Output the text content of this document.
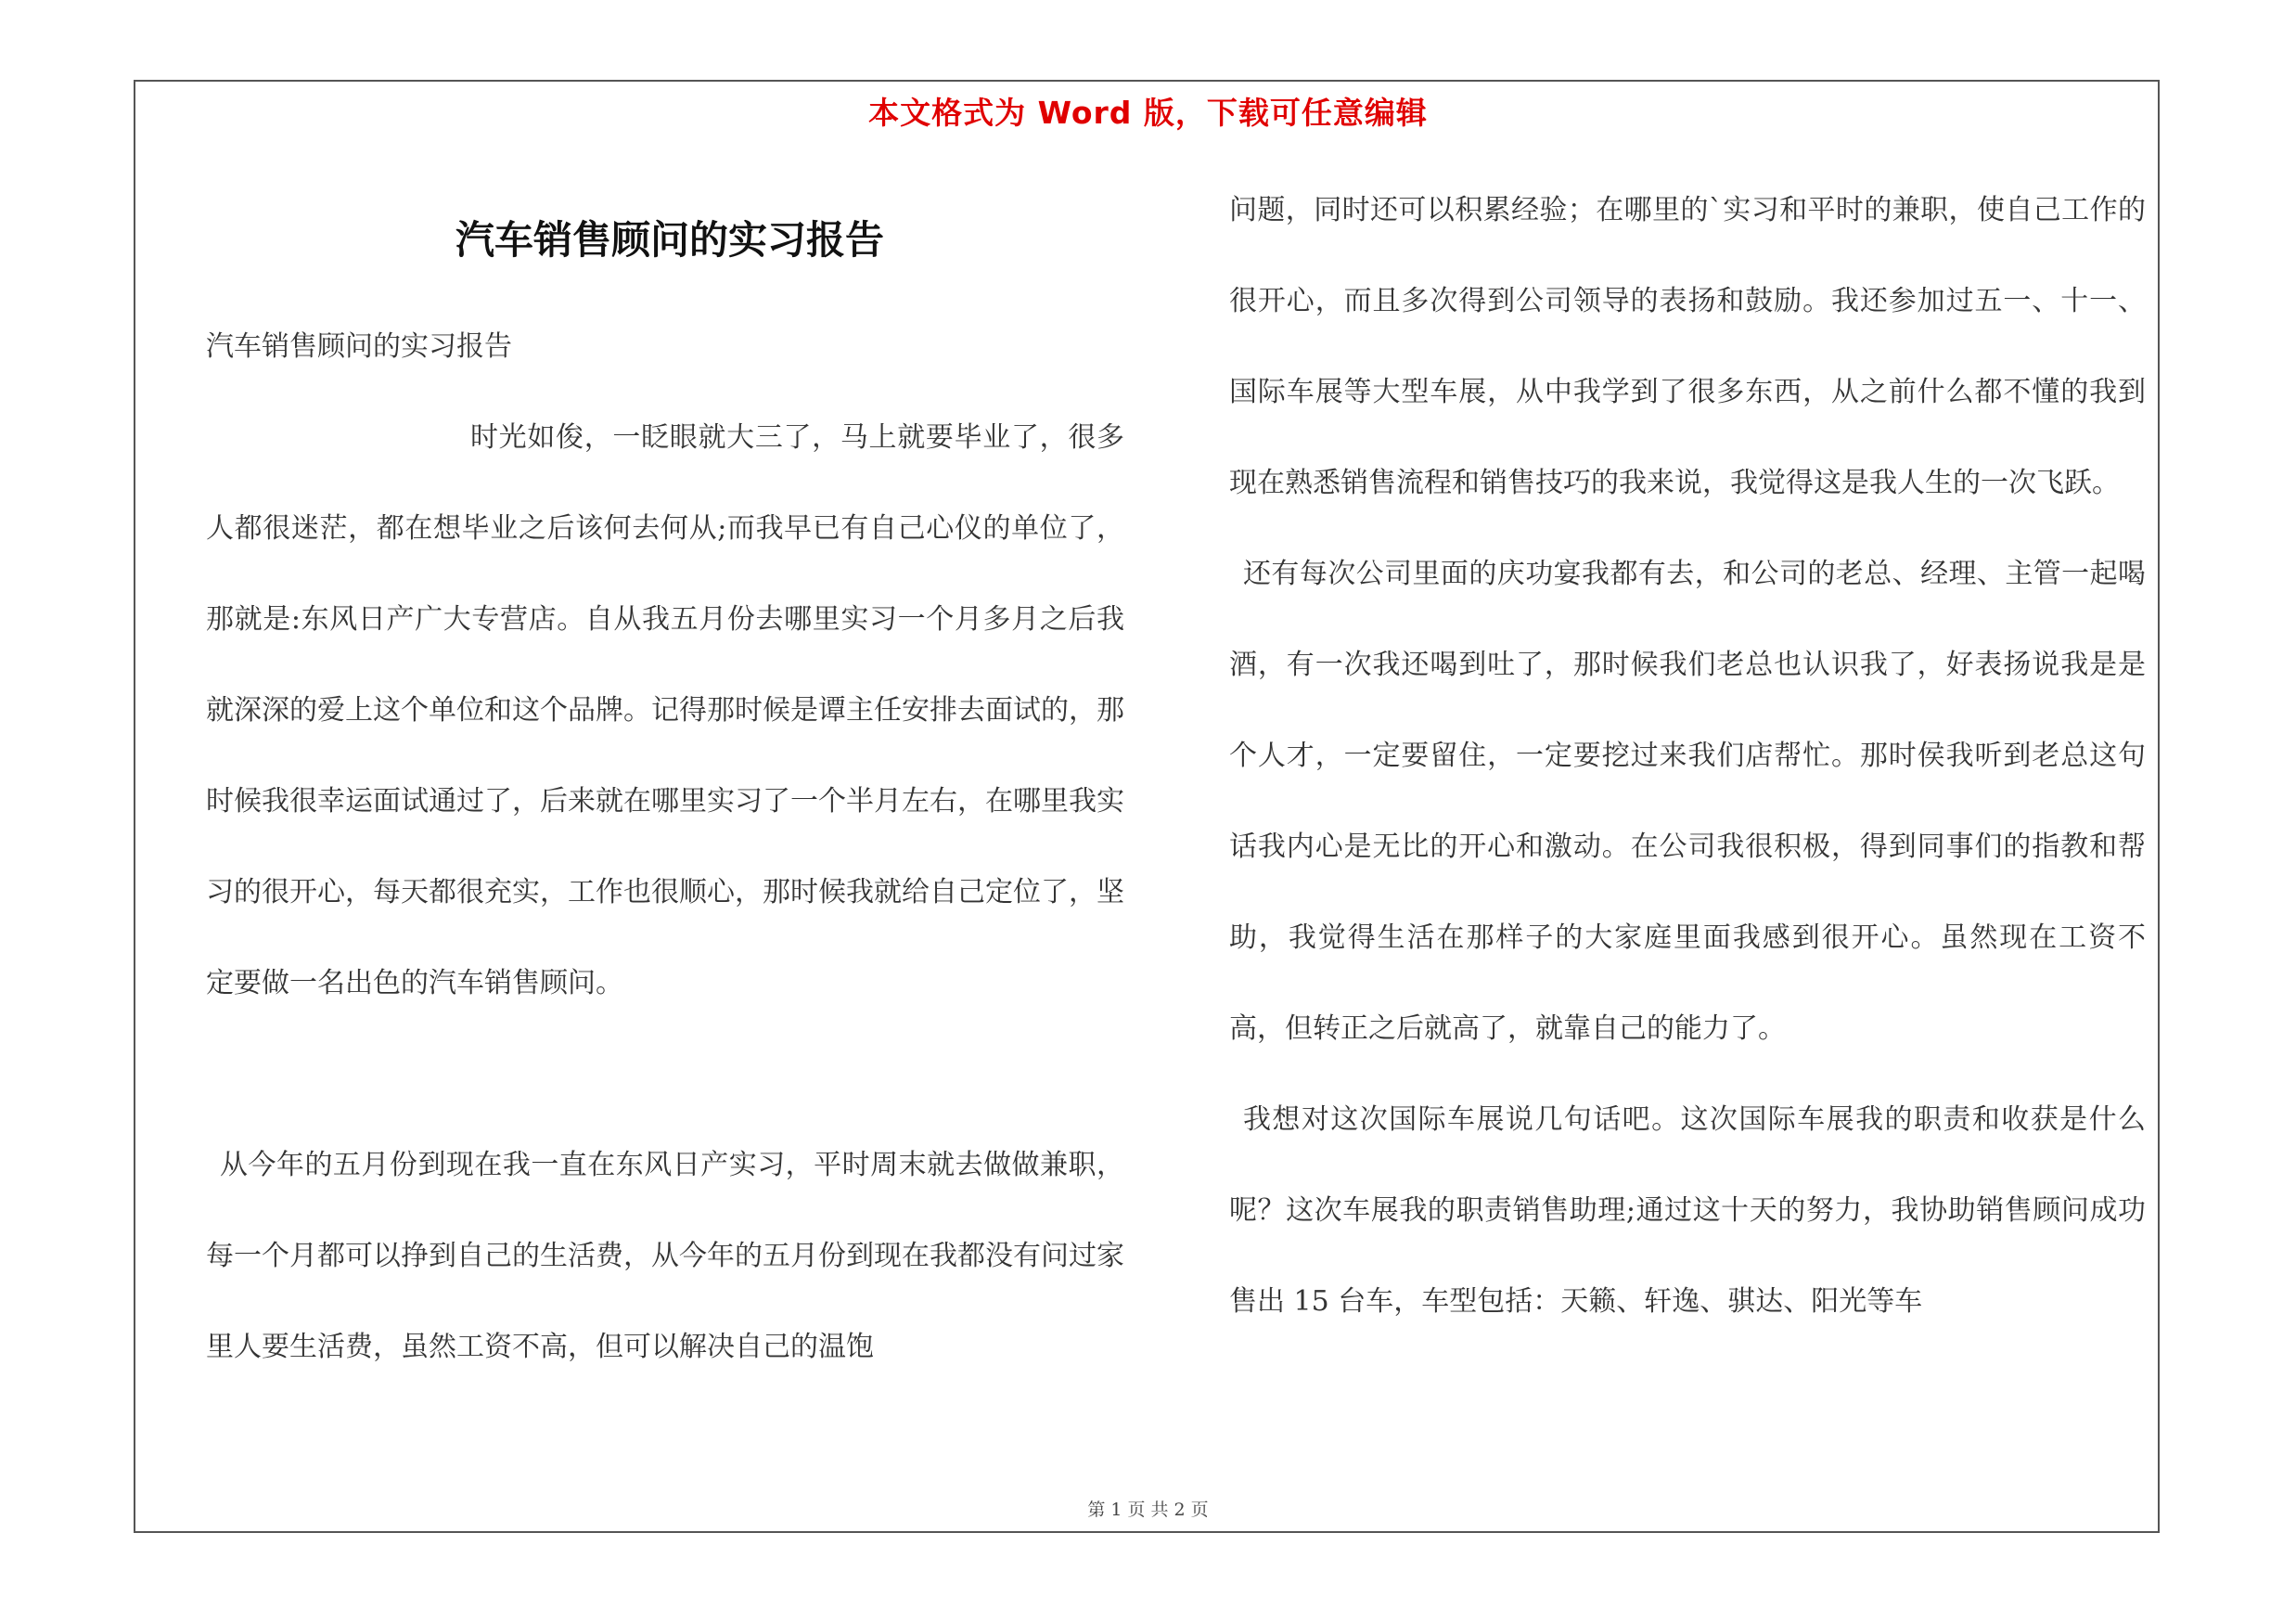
本文格式为 Word 版，下载可任意编辑
汽车销售顾问的实习报告

汽车销售顾问的实习报告

时光如俊，一眨眼就大三了，马上就要毕业了，很多人都很迷茫，都在想毕业之后该何去何从;而我早已有自己心仪的单位了，那就是:东风日产广大专营店。自从我五月份去哪里实习一个月多月之后我就深深的爱上这个单位和这个品牌。记得那时候是谭主任安排去面试的，那时候我很幸运面试通过了，后来就在哪里实习了一个半月左右，在哪里我实习的很开心，每天都很充实，工作也很顺心，那时候我就给自己定位了，坚定要做一名出色的汽车销售顾问。

从今年的五月份到现在我一直在东风日产实习，平时周末就去做做兼职，每一个月都可以挣到自己的生活费，从今年的五月份到现在我都没有问过家里人要生活费，虽然工资不高，但可以解决自己的温饱

问题，同时还可以积累经验；在哪里的`实习和平时的兼职，使自己工作的很开心，而且多次得到公司领导的表扬和鼓励。我还参加过五一、十一、国际车展等大型车展，从中我学到了很多东西，从之前什么都不懂的我到现在熟悉销售流程和销售技巧的我来说，我觉得这是我人生的一次飞跃。

还有每次公司里面的庆功宴我都有去，和公司的老总、经理、主管一起喝酒，有一次我还喝到吐了，那时候我们老总也认识我了，好表扬说我是是个人才，一定要留住，一定要挖过来我们店帮忙。那时侯我听到老总这句话我内心是无比的开心和激动。在公司我很积极，得到同事们的指教和帮助，我觉得生活在那样子的大家庭里面我感到很开心。虽然现在工资不高，但转正之后就高了，就靠自己的能力了。

我想对这次国际车展说几句话吧。这次国际车展我的职责和收获是什么呢？这次车展我的职责销售助理;通过这十天的努力，我协助销售顾问成功售出 15 台车，车型包括：天籁、轩逸、骐达、阳光等车

第 1 页 共 2 页
